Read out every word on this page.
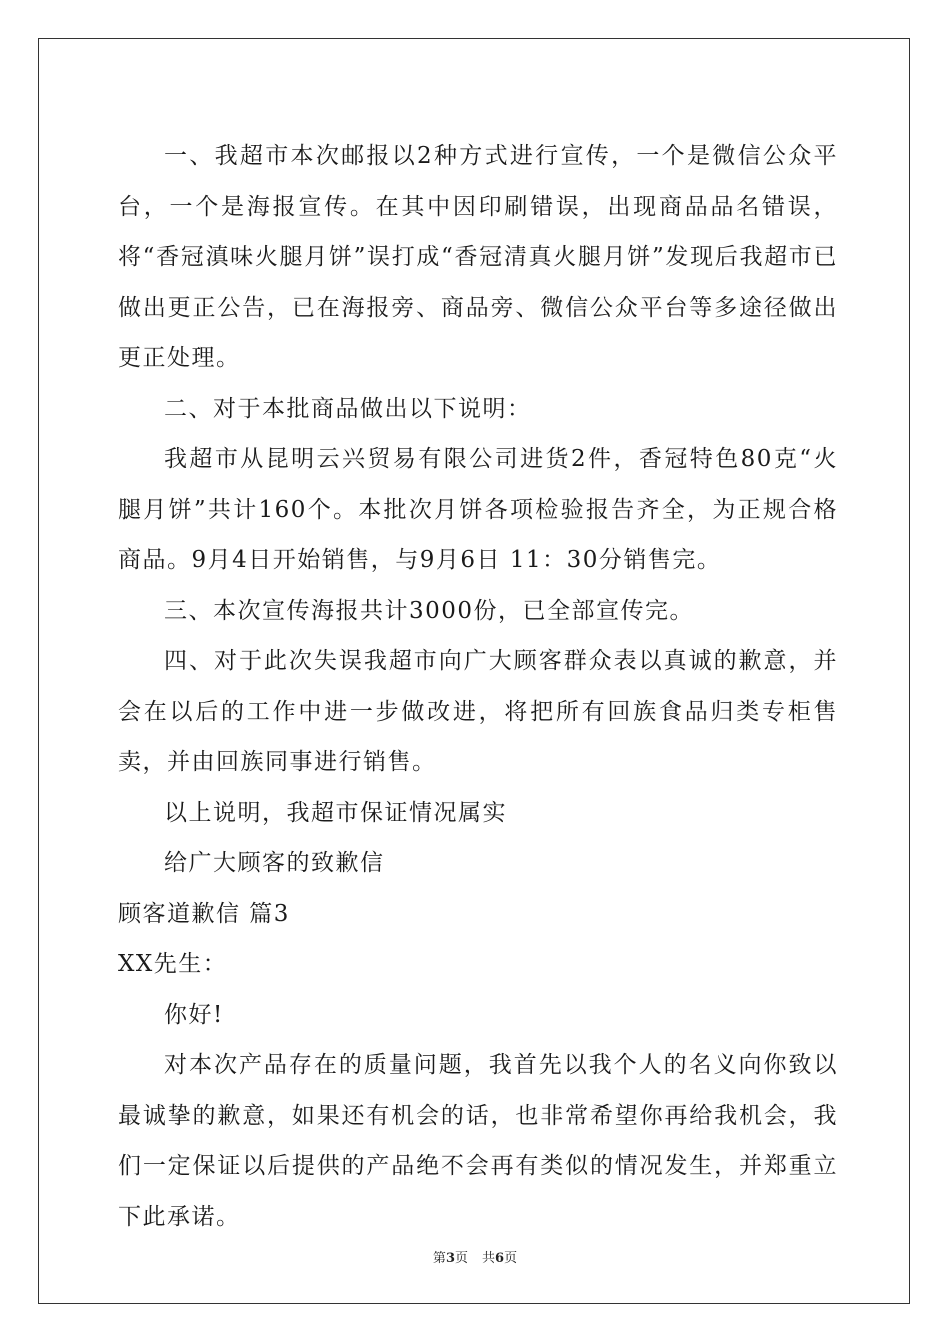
一、我超市本次邮报以2种方式进行宣传，一个是微信公众平台，一个是海报宣传。在其中因印刷错误，出现商品品名错误，将“香冠滇味火腿月饼”误打成“香冠清真火腿月饼”发现后我超市已做出更正公告，已在海报旁、商品旁、微信公众平台等多途径做出更正处理。

二、对于本批商品做出以下说明：

我超市从昆明云兴贸易有限公司进货2件，香冠特色80克“火腿月饼”共计160个。本批次月饼各项检验报告齐全，为正规合格商品。9月4日开始销售，与9月6日 11：30分销售完。

三、本次宣传海报共计3000份，已全部宣传完。

四、对于此次失误我超市向广大顾客群众表以真诚的歉意，并会在以后的工作中进一步做改进，将把所有回族食品归类专柜售卖，并由回族同事进行销售。

以上说明，我超市保证情况属实

给广大顾客的致歉信

顾客道歉信 篇3

XX先生：

你好!

对本次产品存在的质量问题，我首先以我个人的名义向你致以最诚挚的歉意，如果还有机会的话，也非常希望你再给我机会，我们一定保证以后提供的产品绝不会再有类似的情况发生，并郑重立下此承诺。

第3页 共6页
